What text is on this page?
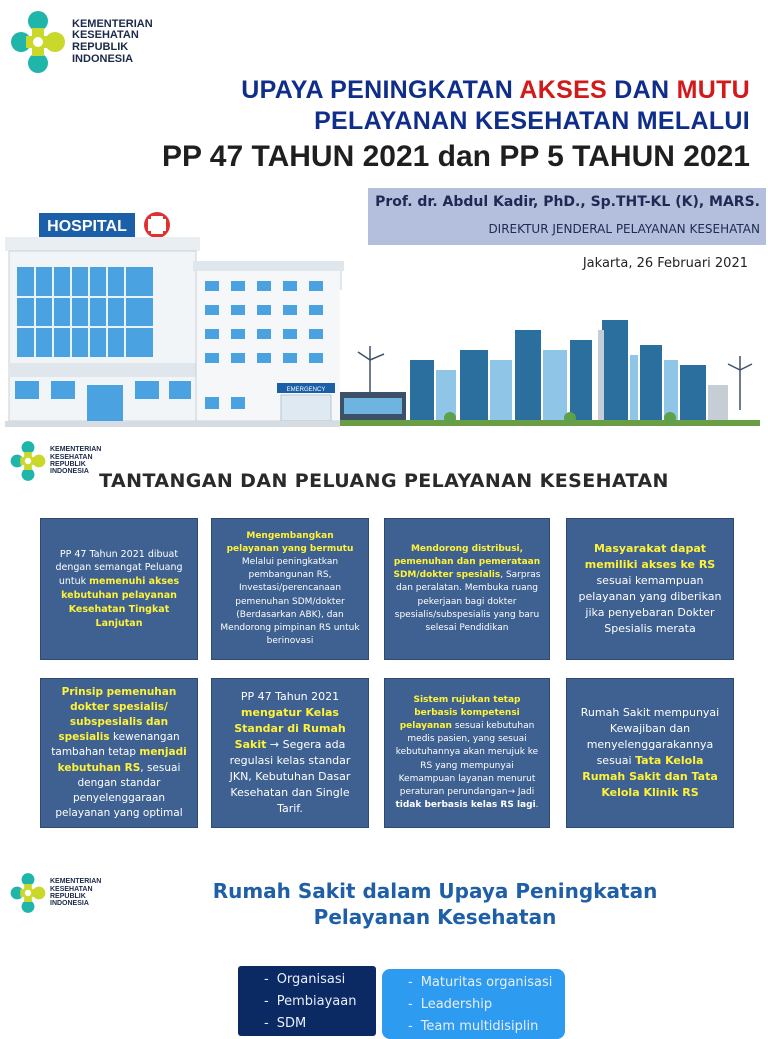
KEMENTERIAN
KESEHATAN
REPUBLIK
INDONESIA
UPAYA PENINGKATAN AKSES DAN MUTU
PELAYANAN KESEHATAN MELALUI
PP 47 TAHUN 2021 dan PP 5 TAHUN 2021
Prof. dr. Abdul Kadir, PhD., Sp.THT-KL (K), MARS.
DIREKTUR JENDERAL PELAYANAN KESEHATAN
Jakarta, 26 Februari 2021
HOSPITAL
EMERGENCY
KEMENTERIAN
KESEHATAN
REPUBLIK
INDONESIA TANTANGAN DAN PELUANG PELAYANAN KESEHATAN

PP 47 Tahun 2021 dibuat dengan semangat Peluang untuk memenuhi akses kebutuhan pelayanan Kesehatan Tingkat Lanjutan

Mengembangkan pelayanan yang bermutu Melalui peningkatkan pembangunan RS, Investasi/perencanaan pemenuhan SDM/dokter (Berdasarkan ABK), dan Mendorong pimpinan RS untuk berinovasi

Mendorong distribusi, pemenuhan dan pemerataan SDM/dokter spesialis, Sarpras dan peralatan. Membuka ruang pekerjaan bagi dokter spesialis/subspesialis yang baru selesai Pendidikan

Masyarakat dapat memiliki akses ke RS sesuai kemampuan pelayanan yang diberikan jika penyebaran Dokter Spesialis merata

Prinsip pemenuhan dokter spesialis/ subspesialis dan spesialis kewenangan tambahan tetap menjadi kebutuhan RS, sesuai dengan standar penyelenggaraan pelayanan yang optimal

PP 47 Tahun 2021 mengatur Kelas Standar di Rumah Sakit → Segera ada regulasi kelas standar JKN, Kebutuhan Dasar Kesehatan dan Single Tarif.

Sistem rujukan tetap berbasis kompetensi pelayanan sesuai kebutuhan medis pasien, yang sesuai kebutuhannya akan merujuk ke RS yang mempunyai Kemampuan layanan menurut peraturan perundangan→ Jadi tidak berbasis kelas RS lagi.

Rumah Sakit mempunyai Kewajiban dan menyelenggarakannya sesuai Tata Kelola Rumah Sakit dan Tata Kelola Klinik RS

KEMENTERIAN
KESEHATAN
REPUBLIK
INDONESIA
Rumah Sakit dalam Upaya Peningkatan
Pelayanan Kesehatan
- Organisasi
- Pembiayaan
- SDM
- Maturitas organisasi
- Leadership
- Team multidisiplin
